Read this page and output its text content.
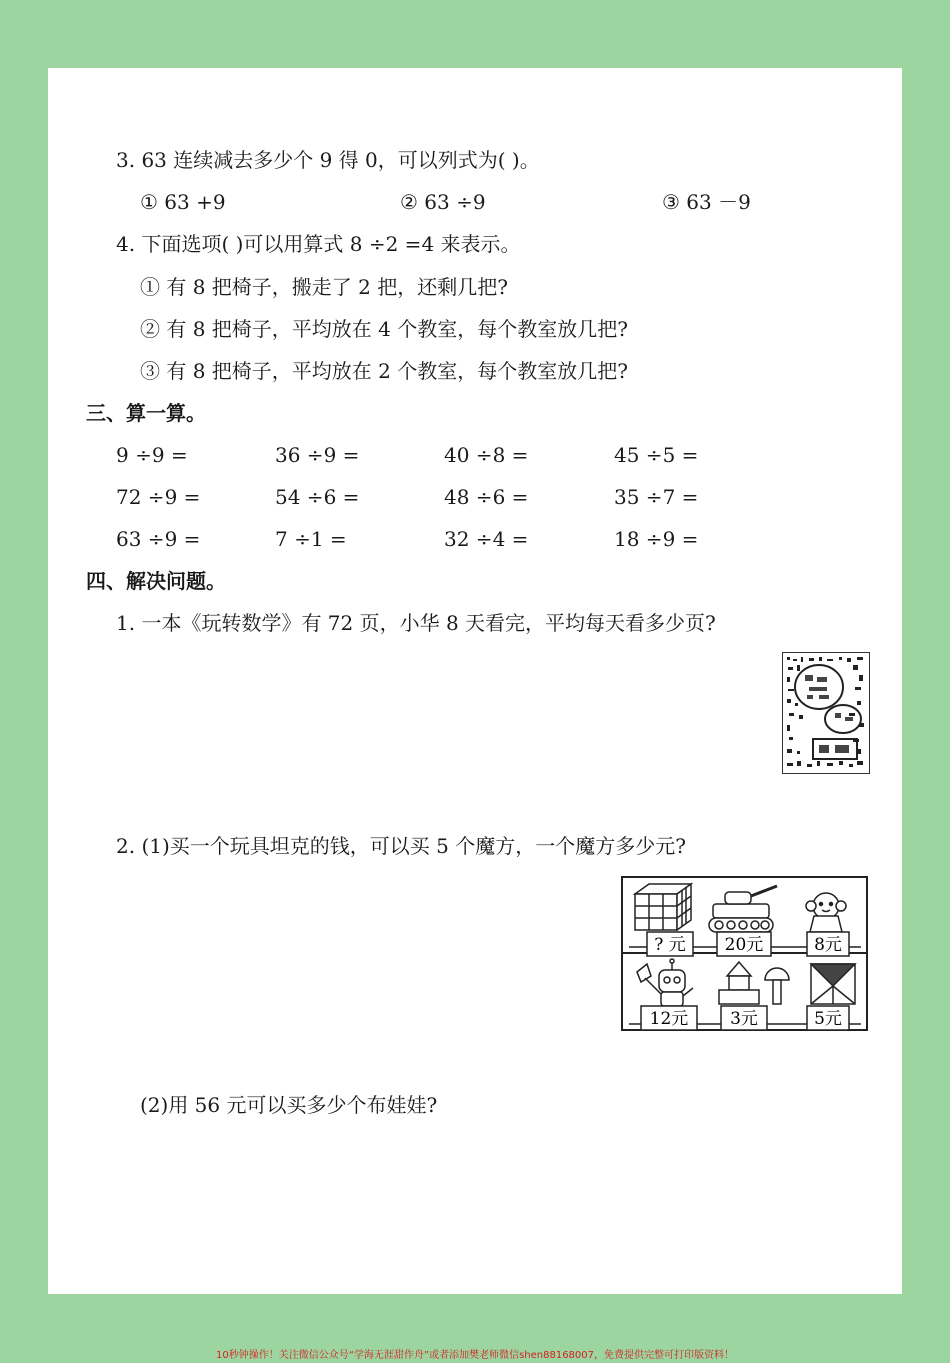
3. 63 连续减去多少个 9 得 0，可以列式为( )。
① 63 +9	② 63 ÷9	③ 63 －9
4. 下面选项( )可以用算式 8 ÷2 =4 来表示。
① 有 8 把椅子，搬走了 2 把，还剩几把?
② 有 8 把椅子，平均放在 4 个教室，每个教室放几把?
③ 有 8 把椅子，平均放在 2 个教室，每个教室放几把?
三、算一算。
9 ÷9 =	36 ÷9 =	40 ÷8 =	45 ÷5 =
72 ÷9 =	54 ÷6 =	48 ÷6 =	35 ÷7 =
63 ÷9 =	7 ÷1 =	32 ÷4 =	18 ÷9 =
四、解决问题。
1. 一本《玩转数学》有 72 页，小华 8 天看完，平均每天看多少页?
2. (1)买一个玩具坦克的钱，可以买 5 个魔方，一个魔方多少元?
? 元 20元	8元
12元 3元	5元
(2)用 56 元可以买多少个布娃娃?
10秒钟操作！关注微信公众号“学海无涯甜作舟”或者添加樊老师微信shen88168007，免费提供完整可打印版资料！
